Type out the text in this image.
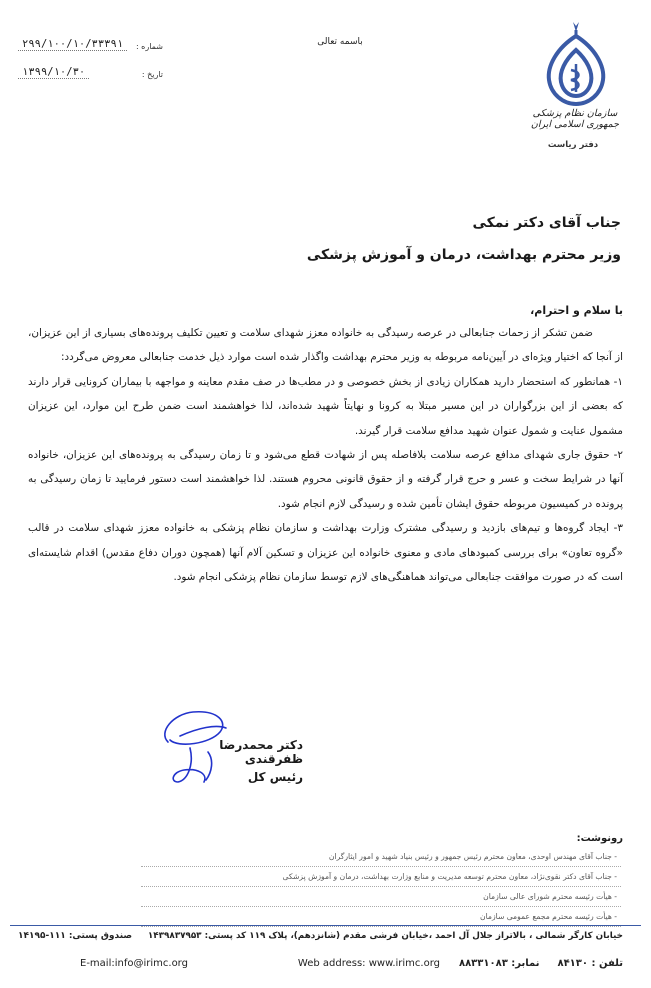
سازمان نظام پزشکی جمهوری اسلامی ایران
دفتر ریاست
باسمه تعالی
۲۹۹/۱۰۰/۱۰/۳۳۳۹۱	شماره :
۱۳۹۹/۱۰/۳۰	تاریخ :
جناب آقای دکتر نمکی
وزیر محترم بهداشت، درمان و آموزش پزشکی
با سلام و احترام،

ضمن تشکر از زحمات جنابعالی در عرصه رسیدگی به خانواده معزز شهدای سلامت و تعیین تکلیف پرونده‌های بسیاری از این عزیزان، از آنجا که اختیار ویژه‌ای در آیین‌نامه مربوطه به وزیر محترم بهداشت واگذار شده است موارد ذیل خدمت جنابعالی معروض می‌گردد:

۱- همانطور که استحضار دارید همکاران زیادی از بخش خصوصی و در مطب‌ها در صف مقدم معاینه و مواجهه با بیماران کرونایی قرار دارند که بعضی از این بزرگواران در این مسیر مبتلا به کرونا و نهایتاً شهید شده‌اند، لذا خواهشمند است ضمن طرح این موارد، این عزیزان مشمول عنایت و شمول عنوان شهید مدافع سلامت قرار گیرند.

۲- حقوق جاری شهدای مدافع عرصه سلامت بلافاصله پس از شهادت قطع می‌شود و تا زمان رسیدگی به پرونده‌های این عزیزان، خانواده آنها در شرایط سخت و عسر و حرج قرار گرفته و از حقوق قانونی محروم هستند. لذا خواهشمند است دستور فرمایید تا زمان رسیدگی به پرونده در کمیسیون مربوطه حقوق ایشان تأمین شده و رسیدگی لازم انجام شود.

۳- ایجاد گروه‌ها و تیم‌های بازدید و رسیدگی مشترک وزارت بهداشت و سازمان نظام پزشکی به خانواده معزز شهدای سلامت در قالب «گروه تعاون» برای بررسی کمبودهای مادی و معنوی خانواده این عزیزان و تسکین آلام آنها (همچون دوران دفاع مقدس) اقدام شایسته‌ای است که در صورت موافقت جنابعالی می‌تواند هماهنگی‌های لازم توسط سازمان نظام پزشکی انجام شود.

دکتر محمدرضا ظفرقندی
رئیس کل
رونوشت:
- جناب آقای مهندس اوحدی، معاون محترم رئیس جمهور و رئیس بنیاد شهید و امور ایثارگران
- جناب آقای دکتر نقوی‌نژاد، معاون محترم توسعه مدیریت و منابع وزارت بهداشت، درمان و آموزش پزشکی
- هیأت رئیسه محترم شورای عالی سازمان
- هیأت رئیسه محترم مجمع عمومی سازمان
خیابان کارگر شمالی ، بالاتراز جلال آل احمد ،خیابان فرشی مقدم (شانزدهم)، پلاک ۱۱۹ کد پستی: ۱۴۳۹۸۳۷۹۵۳
صندوق پستی: ۱۱۱-۱۴۱۹۵
تلفن : ۸۴۱۳۰
نمابر: ۸۸۳۳۱۰۸۳
E-mail:info@irimc.org	Web address: www.irimc.org
